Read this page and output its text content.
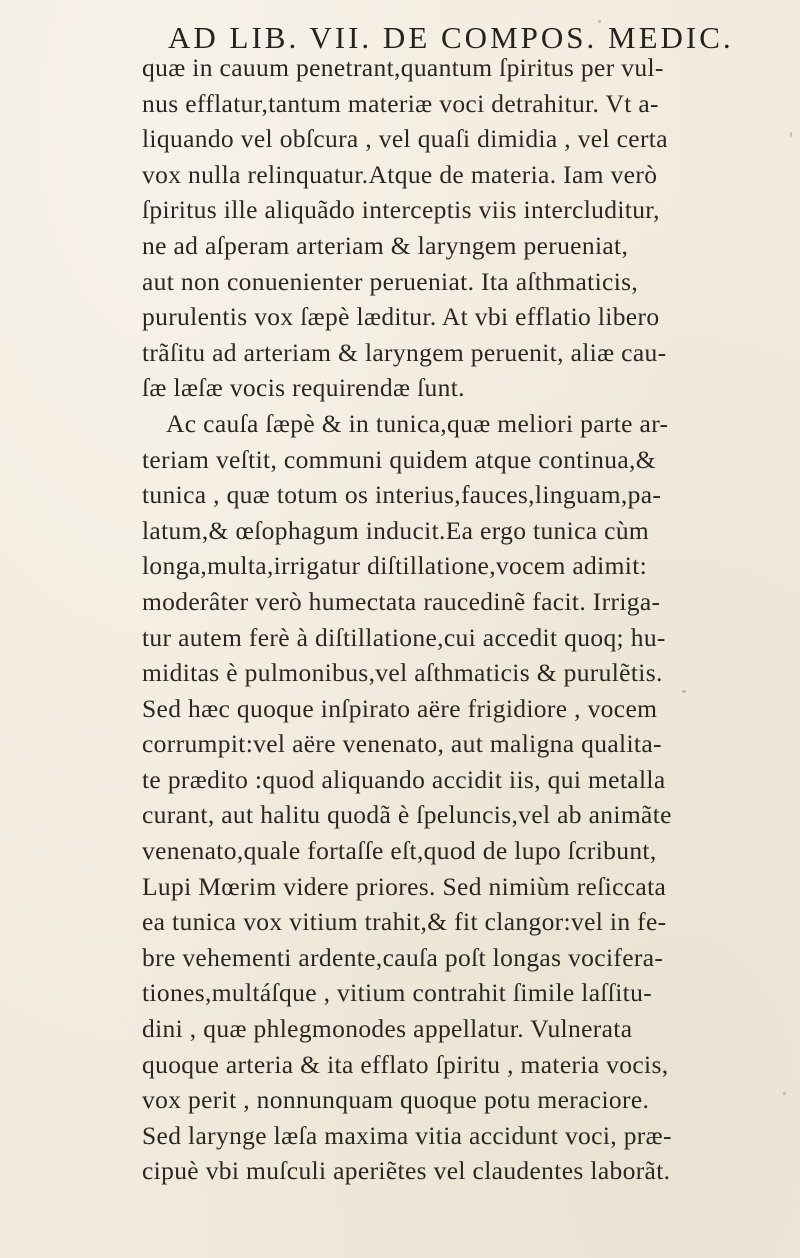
AD LIB. VII. DE COMPOS. MEDIC.
quæ in cauum penetrant,quantum ſpiritus per vul-
nus efflatur,tantum materiæ voci detrahitur. Vt a-
liquando vel obſcura , vel quaſi dimidia , vel certa
vox nulla relinquatur.Atque de materia. Iam verò
ſpiritus ille aliquãdo interceptis viis intercluditur,
ne ad aſperam arteriam & laryngem perueniat,
aut non conuenienter perueniat. Ita aſthmaticis,
purulentis vox ſæpè læditur. At vbi efflatio libero
trãſitu ad arteriam & laryngem peruenit, aliæ cau-
ſæ læſæ vocis requirendæ ſunt.
Ac cauſa ſæpè & in tunica,quæ meliori parte ar-
teriam veſtit, communi quidem atque continua,&
tunica , quæ totum os interius,fauces,linguam,pa-
latum,& œſophagum inducit.Ea ergo tunica cùm
longa,multa,irrigatur diſtillatione,vocem adimit:
moderâter verò humectata raucedinẽ facit. Irriga-
tur autem ferè à diſtillatione,cui accedit quoq; hu-
miditas è pulmonibus,vel aſthmaticis & purulẽtis.
Sed hæc quoque inſpirato aëre frigidiore , vocem
corrumpit:vel aëre venenato, aut maligna qualita-
te prædito :quod aliquando accidit iis, qui metalla
curant, aut halitu quodã è ſpeluncis,vel ab animãte
venenato,quale fortaſſe eſt,quod de lupo ſcribunt,
Lupi Mœrim videre priores. Sed nimiùm reſiccata
ea tunica vox vitium trahit,& fit clangor:vel in fe-
bre vehementi ardente,cauſa poſt longas vocifera-
tiones,multáſque , vitium contrahit ſimile laſſitu-
dini , quæ phlegmonodes appellatur. Vulnerata
quoque arteria & ita efflato ſpiritu , materia vocis,
vox perit , nonnunquam quoque potu meraciore.
Sed larynge læſa maxima vitia accidunt voci, præ-
cipuè vbi muſculi aperiẽtes vel claudentes laborãt.
